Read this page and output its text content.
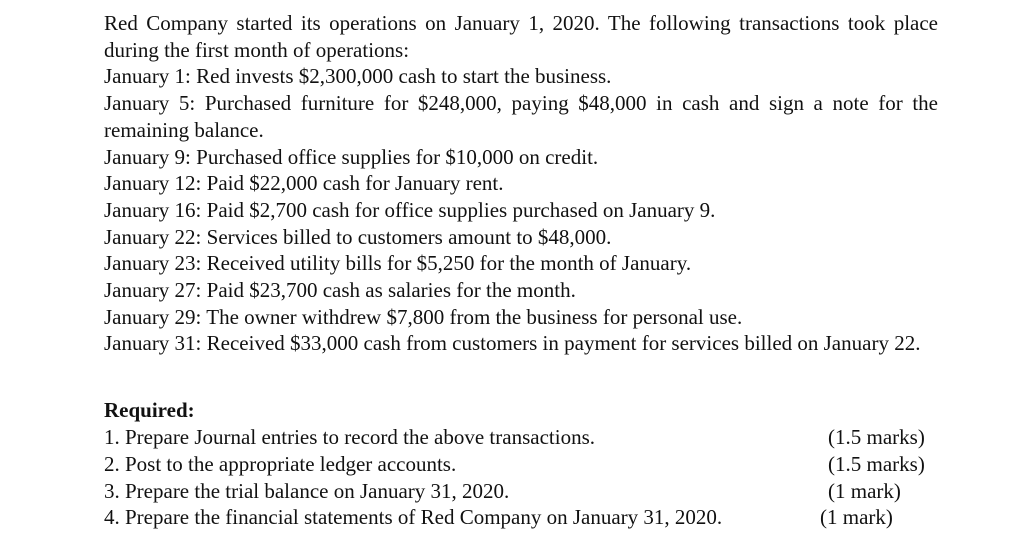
Red Company started its operations on January 1, 2020. The following transactions took place during the first month of operations:

January 1: Red invests $2,300,000 cash to start the business.

January 5: Purchased furniture for $248,000, paying $48,000 in cash and sign a note for the remaining balance.

January 9: Purchased office supplies for $10,000 on credit.

January 12: Paid $22,000 cash for January rent.

January 16: Paid $2,700 cash for office supplies purchased on January 9.

January 22: Services billed to customers amount to $48,000.

January 23: Received utility bills for $5,250 for the month of January.

January 27: Paid $23,700 cash as salaries for the month.

January 29: The owner withdrew $7,800 from the business for personal use.

January 31: Received $33,000 cash from customers in payment for services billed on January 22.

Required:

1. Prepare Journal entries to record the above transactions.	(1.5 marks)
2. Post to the appropriate ledger accounts.	(1.5 marks)
3. Prepare the trial balance on January 31, 2020.	(1 mark)
4. Prepare the financial statements of Red Company on January 31, 2020.	(1 mark)
